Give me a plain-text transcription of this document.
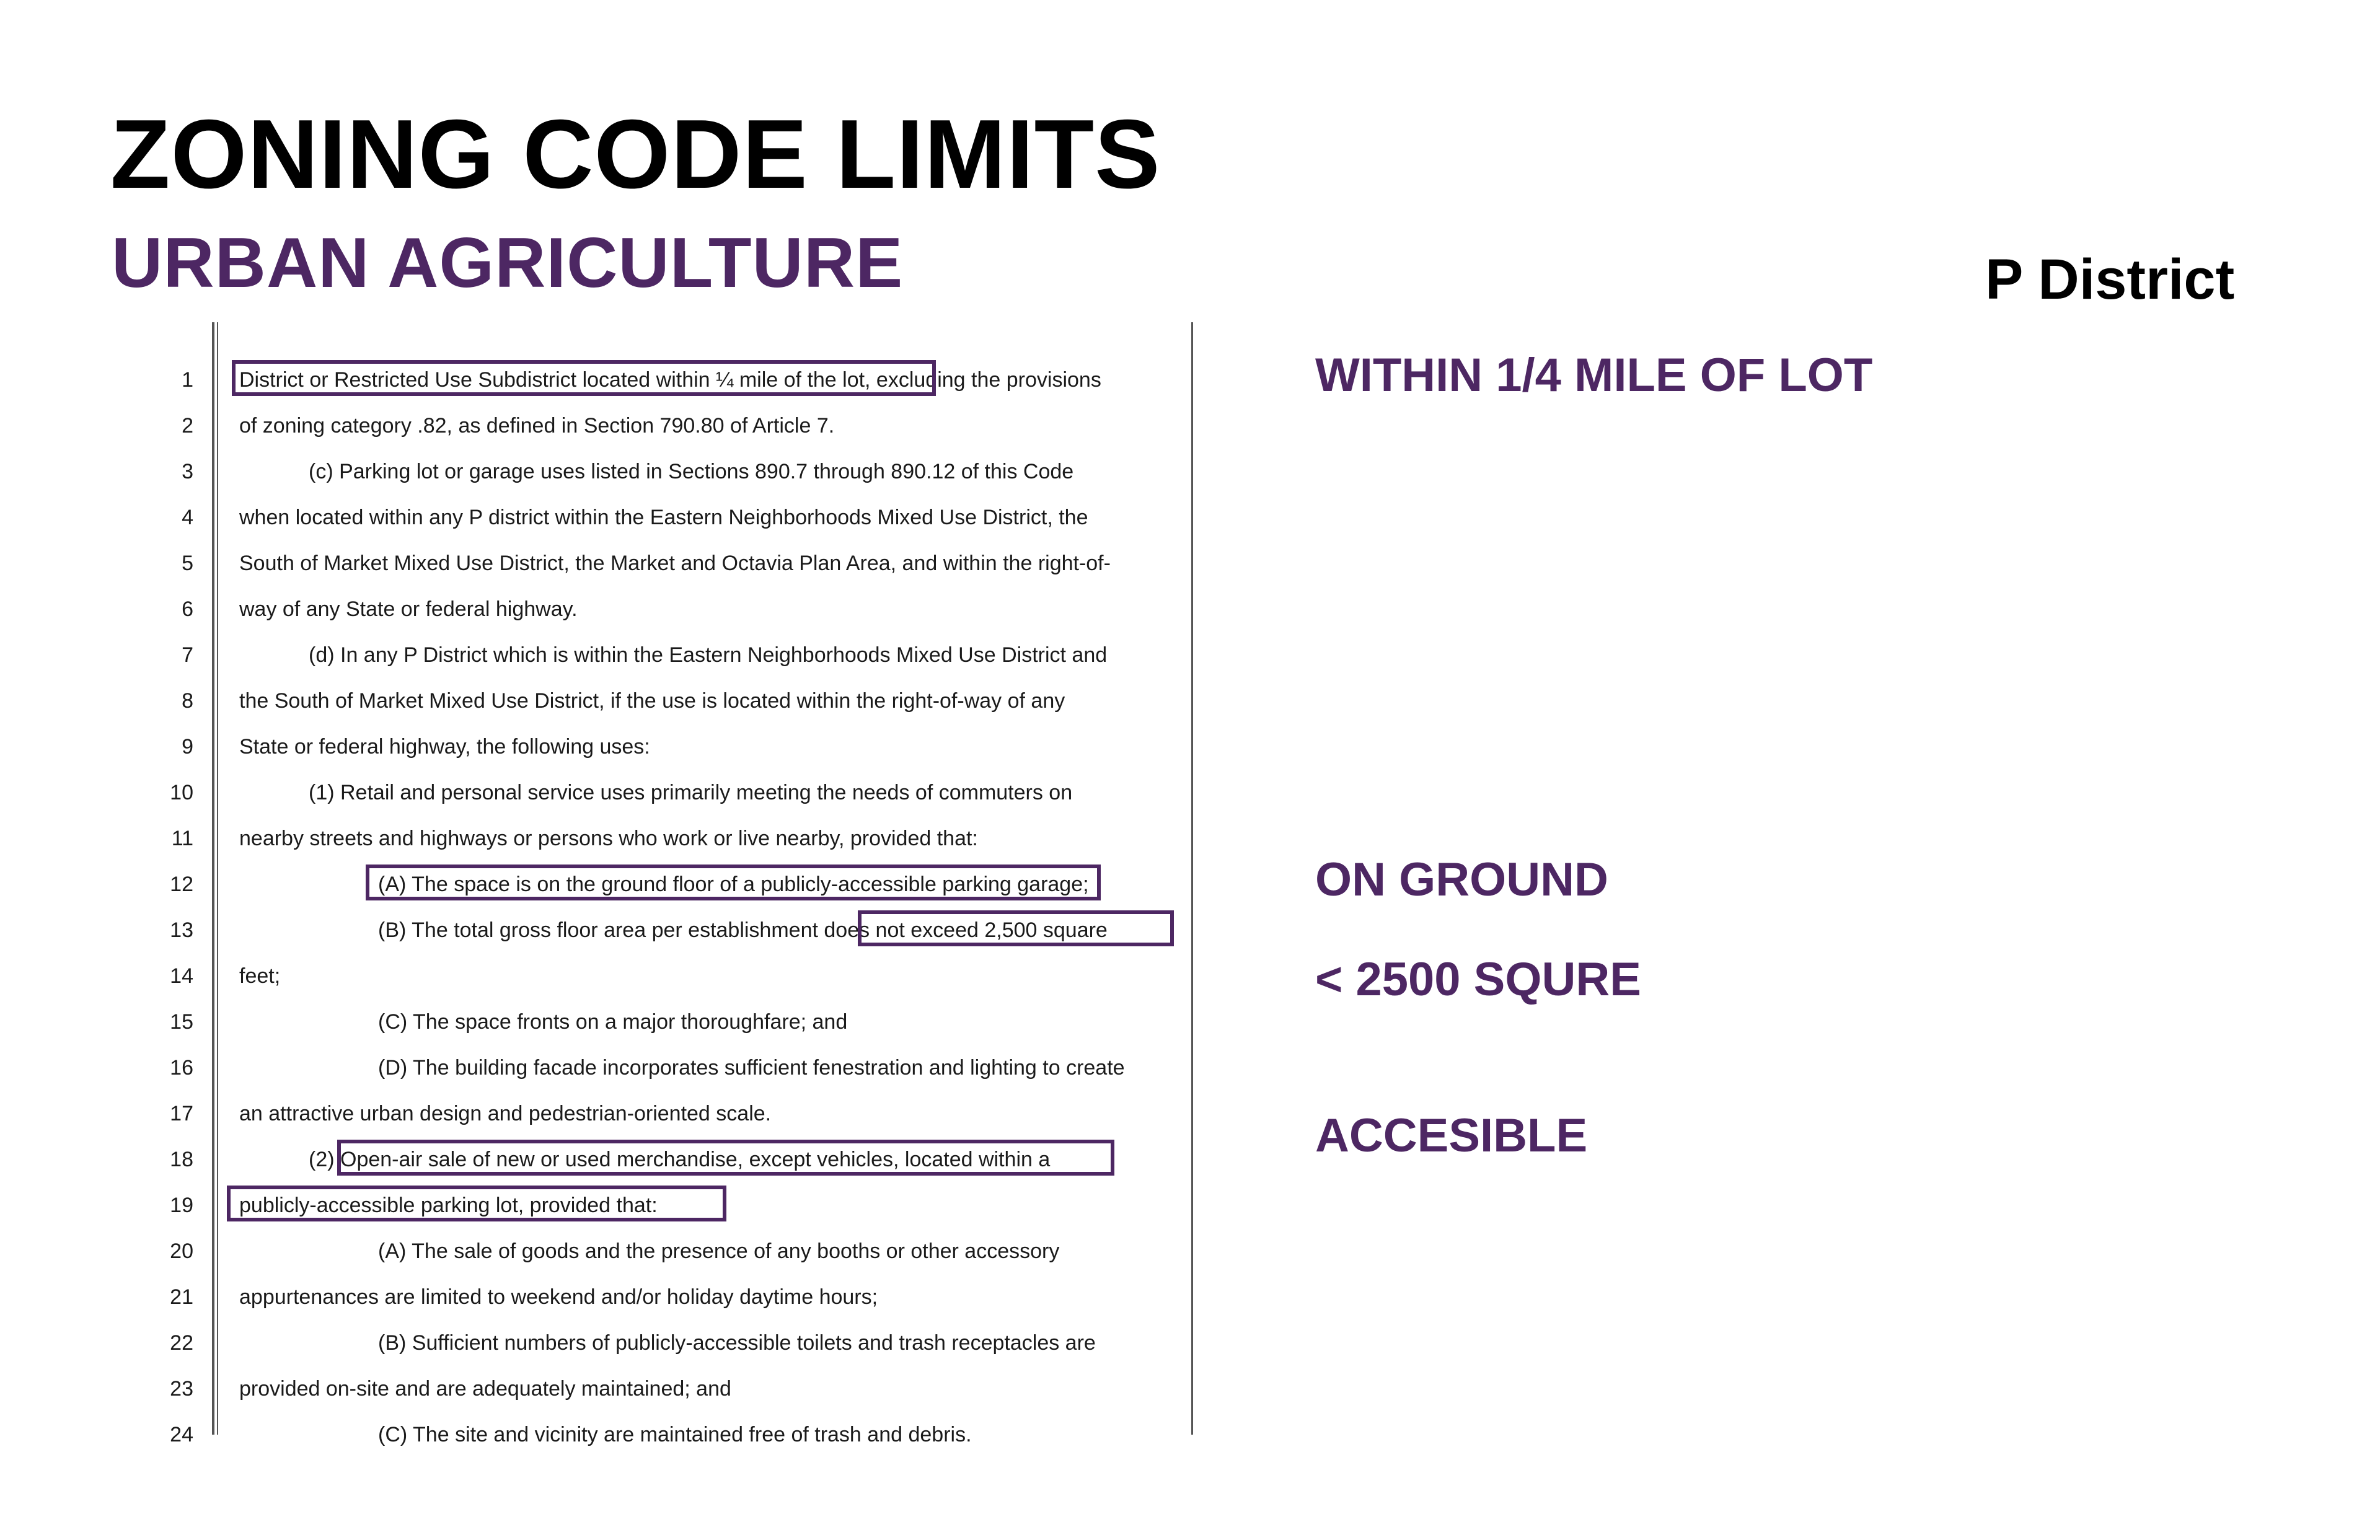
ZONING CODE LIMITS
URBAN AGRICULTURE	P District
WITHIN 1/4 MILE OF LOT
ON GROUND
< 2500 SQURE
ACCESIBLE
1
2
3
4
5
6
7
8
9
10
11
12
13
14
15
16
17
18
19
20
21
22
23
24
District or Restricted Use Subdistrict located within ¼ mile of the lot, excluding the provisions
of zoning category .82, as defined in Section 790.80 of Article 7.
(c) Parking lot or garage uses listed in Sections 890.7 through 890.12 of this Code
when located within any P district within the Eastern Neighborhoods Mixed Use District, the
South of Market Mixed Use District, the Market and Octavia Plan Area, and within the right-of-
way of any State or federal highway.
(d) In any P District which is within the Eastern Neighborhoods Mixed Use District and
the South of Market Mixed Use District, if the use is located within the right-of-way of any
State or federal highway, the following uses:
(1) Retail and personal service uses primarily meeting the needs of commuters on
nearby streets and highways or persons who work or live nearby, provided that:
(A) The space is on the ground floor of a publicly-accessible parking garage;
(B) The total gross floor area per establishment does not exceed 2,500 square
feet;
(C) The space fronts on a major thoroughfare; and
(D) The building facade incorporates sufficient fenestration and lighting to create
an attractive urban design and pedestrian-oriented scale.
(2) Open-air sale of new or used merchandise, except vehicles, located within a
publicly-accessible parking lot, provided that:
(A) The sale of goods and the presence of any booths or other accessory
appurtenances are limited to weekend and/or holiday daytime hours;
(B) Sufficient numbers of publicly-accessible toilets and trash receptacles are
provided on-site and are adequately maintained; and
(C) The site and vicinity are maintained free of trash and debris.
